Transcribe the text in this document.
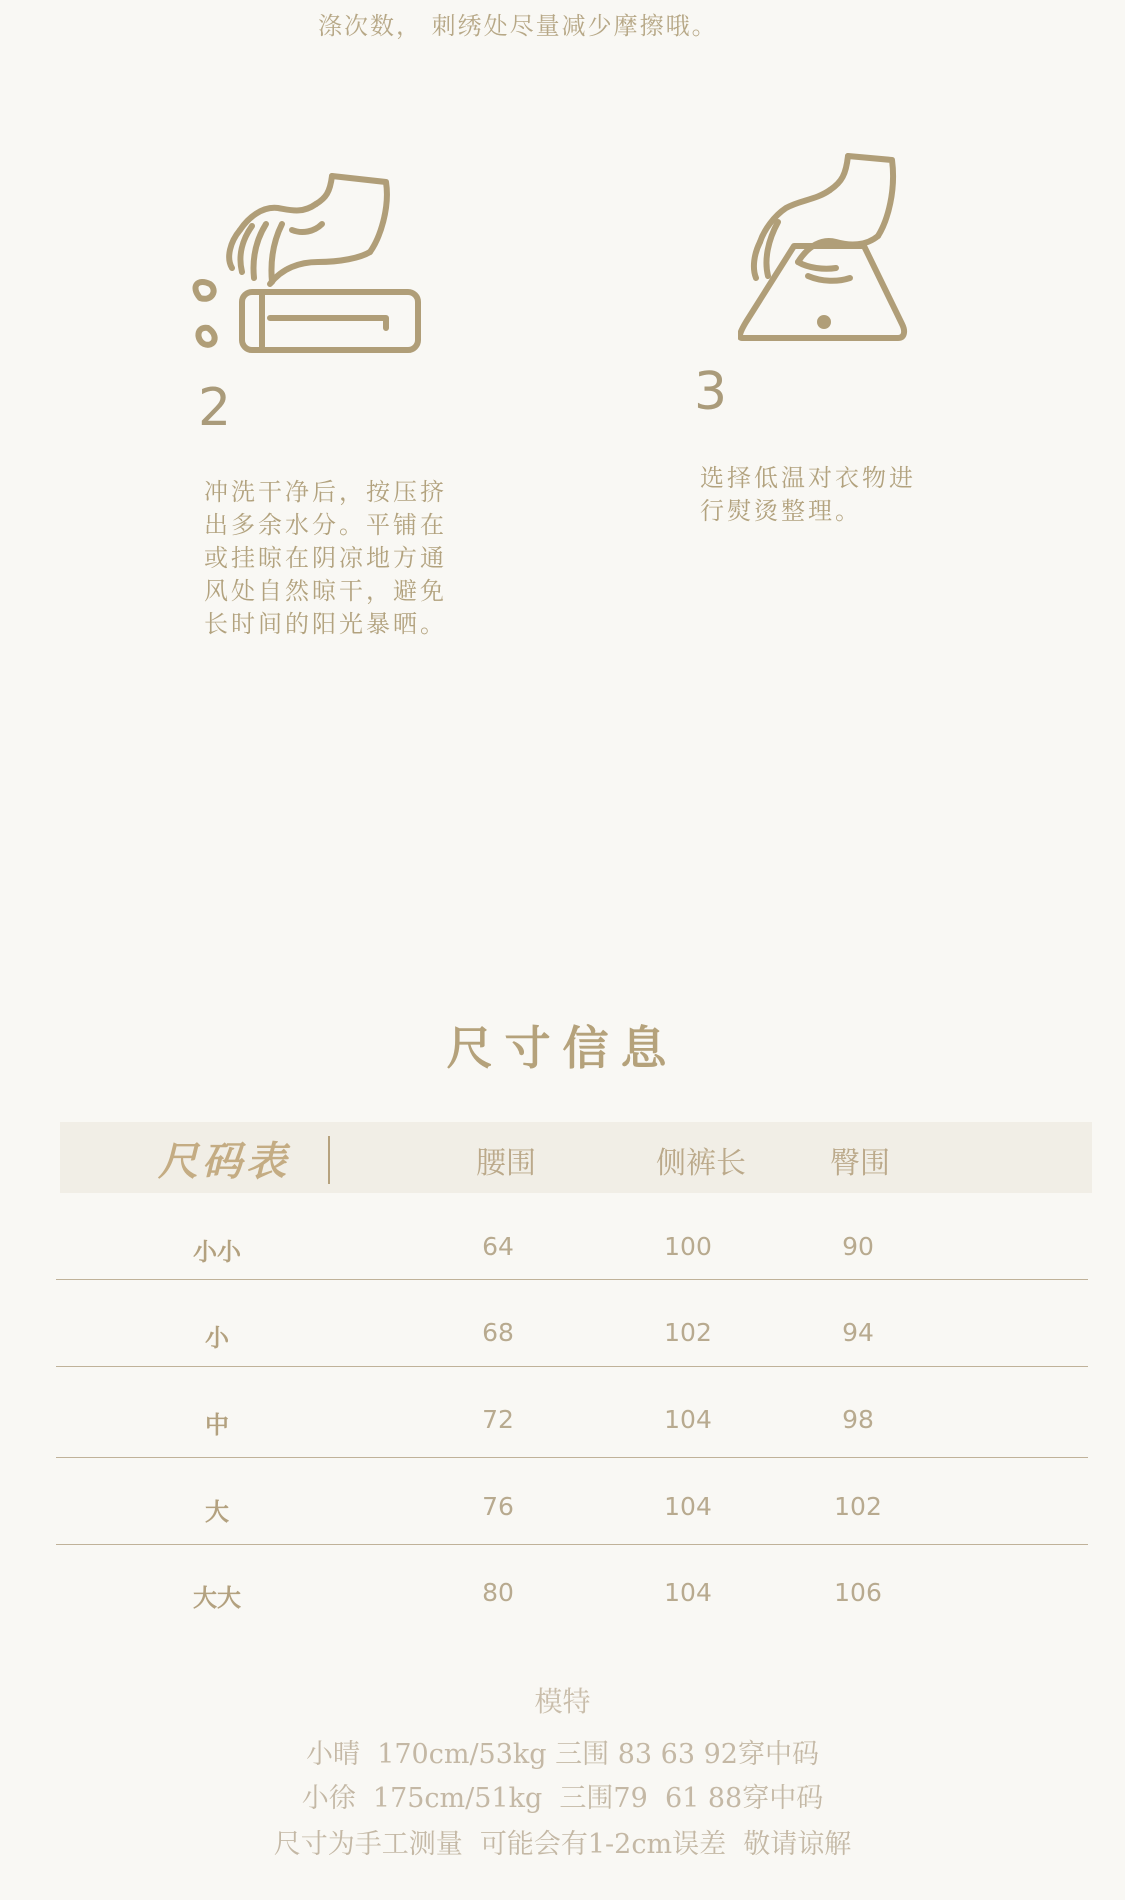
涤次数， 刺绣处尽量减少摩擦哦。
2
冲洗干净后，按压挤
出多余水分。平铺在
或挂晾在阴凉地方通
风处自然晾干，避免
长时间的阳光暴晒。
3
选择低温对衣物进
行熨烫整理。
尺寸信息
尺码表	腰围	侧裤长	臀围
小小	64	100	90
小	68	102	94
中	72	104	98
大	76	104	102
大大	80	104	106
模特
小晴  170cm/53kg 三围 83 63 92穿中码
小徐  175cm/51kg  三围79  61 88穿中码
尺寸为手工测量  可能会有1-2cm误差  敬请谅解
